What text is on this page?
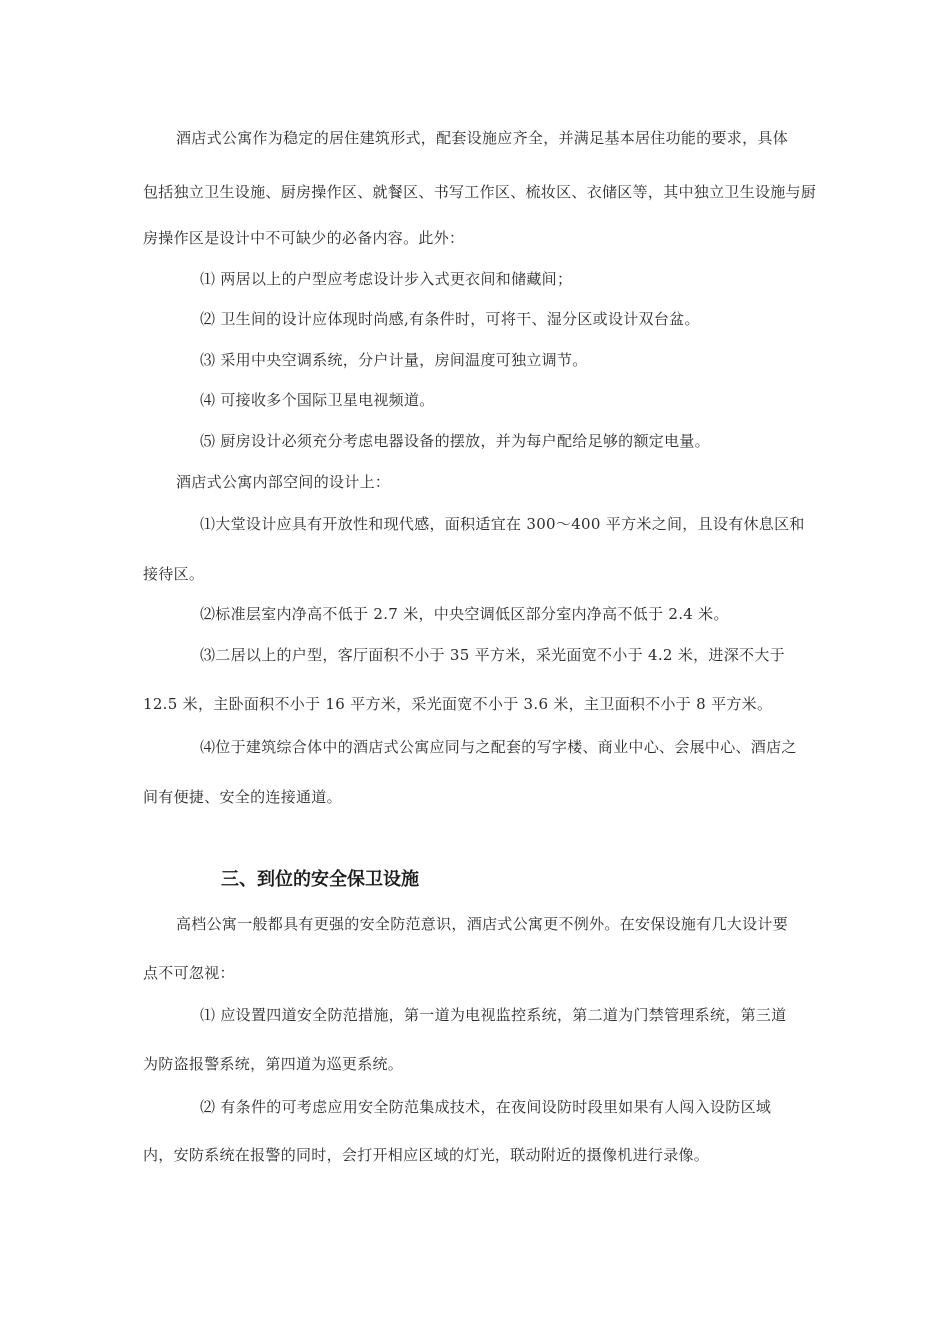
酒店式公寓作为稳定的居住建筑形式，配套设施应齐全，并满足基本居住功能的要求，具体
包括独立卫生设施、厨房操作区、就餐区、书写工作区、梳妆区、衣储区等，其中独立卫生设施与厨
房操作区是设计中不可缺少的必备内容。此外：
⑴ 两居以上的户型应考虑设计步入式更衣间和储藏间；
⑵ 卫生间的设计应体现时尚感,有条件时，可将干、湿分区或设计双台盆。
⑶ 采用中央空调系统，分户计量，房间温度可独立调节。
⑷ 可接收多个国际卫星电视频道。
⑸ 厨房设计必须充分考虑电器设备的摆放，并为每户配给足够的额定电量。
酒店式公寓内部空间的设计上：
⑴大堂设计应具有开放性和现代感，面积适宜在 300～400 平方米之间，且设有休息区和
接待区。
⑵标准层室内净高不低于 2.7 米，中央空调低区部分室内净高不低于 2.4 米。
⑶二居以上的户型，客厅面积不小于 35 平方米，采光面宽不小于 4.2 米，进深不大于
12.5 米，主卧面积不小于 16 平方米，采光面宽不小于 3.6 米，主卫面积不小于 8 平方米。
⑷位于建筑综合体中的酒店式公寓应同与之配套的写字楼、商业中心、会展中心、酒店之
间有便捷、安全的连接通道。
三、到位的安全保卫设施
高档公寓一般都具有更强的安全防范意识，酒店式公寓更不例外。在安保设施有几大设计要
点不可忽视：
⑴ 应设置四道安全防范措施，第一道为电视监控系统，第二道为门禁管理系统，第三道
为防盗报警系统，第四道为巡更系统。
⑵ 有条件的可考虑应用安全防范集成技术，在夜间设防时段里如果有人闯入设防区域
内，安防系统在报警的同时，会打开相应区域的灯光，联动附近的摄像机进行录像。
